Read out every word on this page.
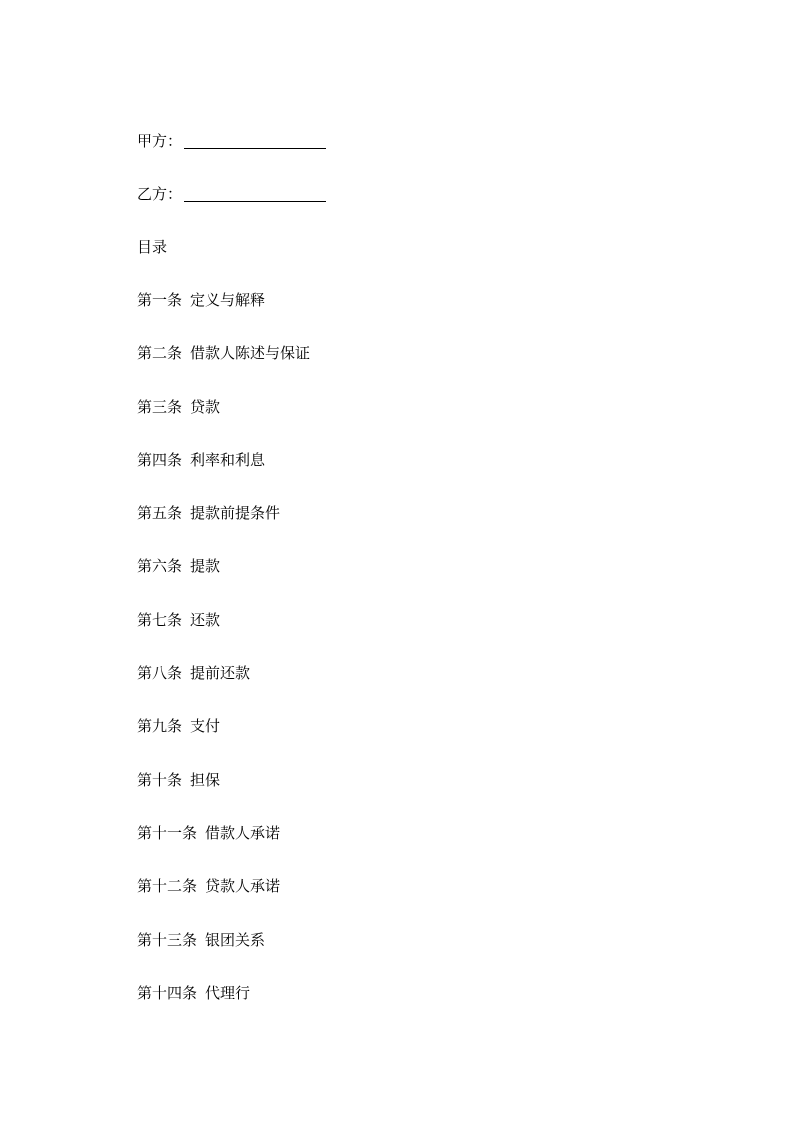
甲方：
乙方：
目录
第一条 定义与解释
第二条 借款人陈述与保证
第三条 贷款
第四条 利率和利息
第五条 提款前提条件
第六条 提款
第七条 还款
第八条 提前还款
第九条 支付
第十条 担保
第十一条 借款人承诺
第十二条 贷款人承诺
第十三条 银团关系
第十四条 代理行
